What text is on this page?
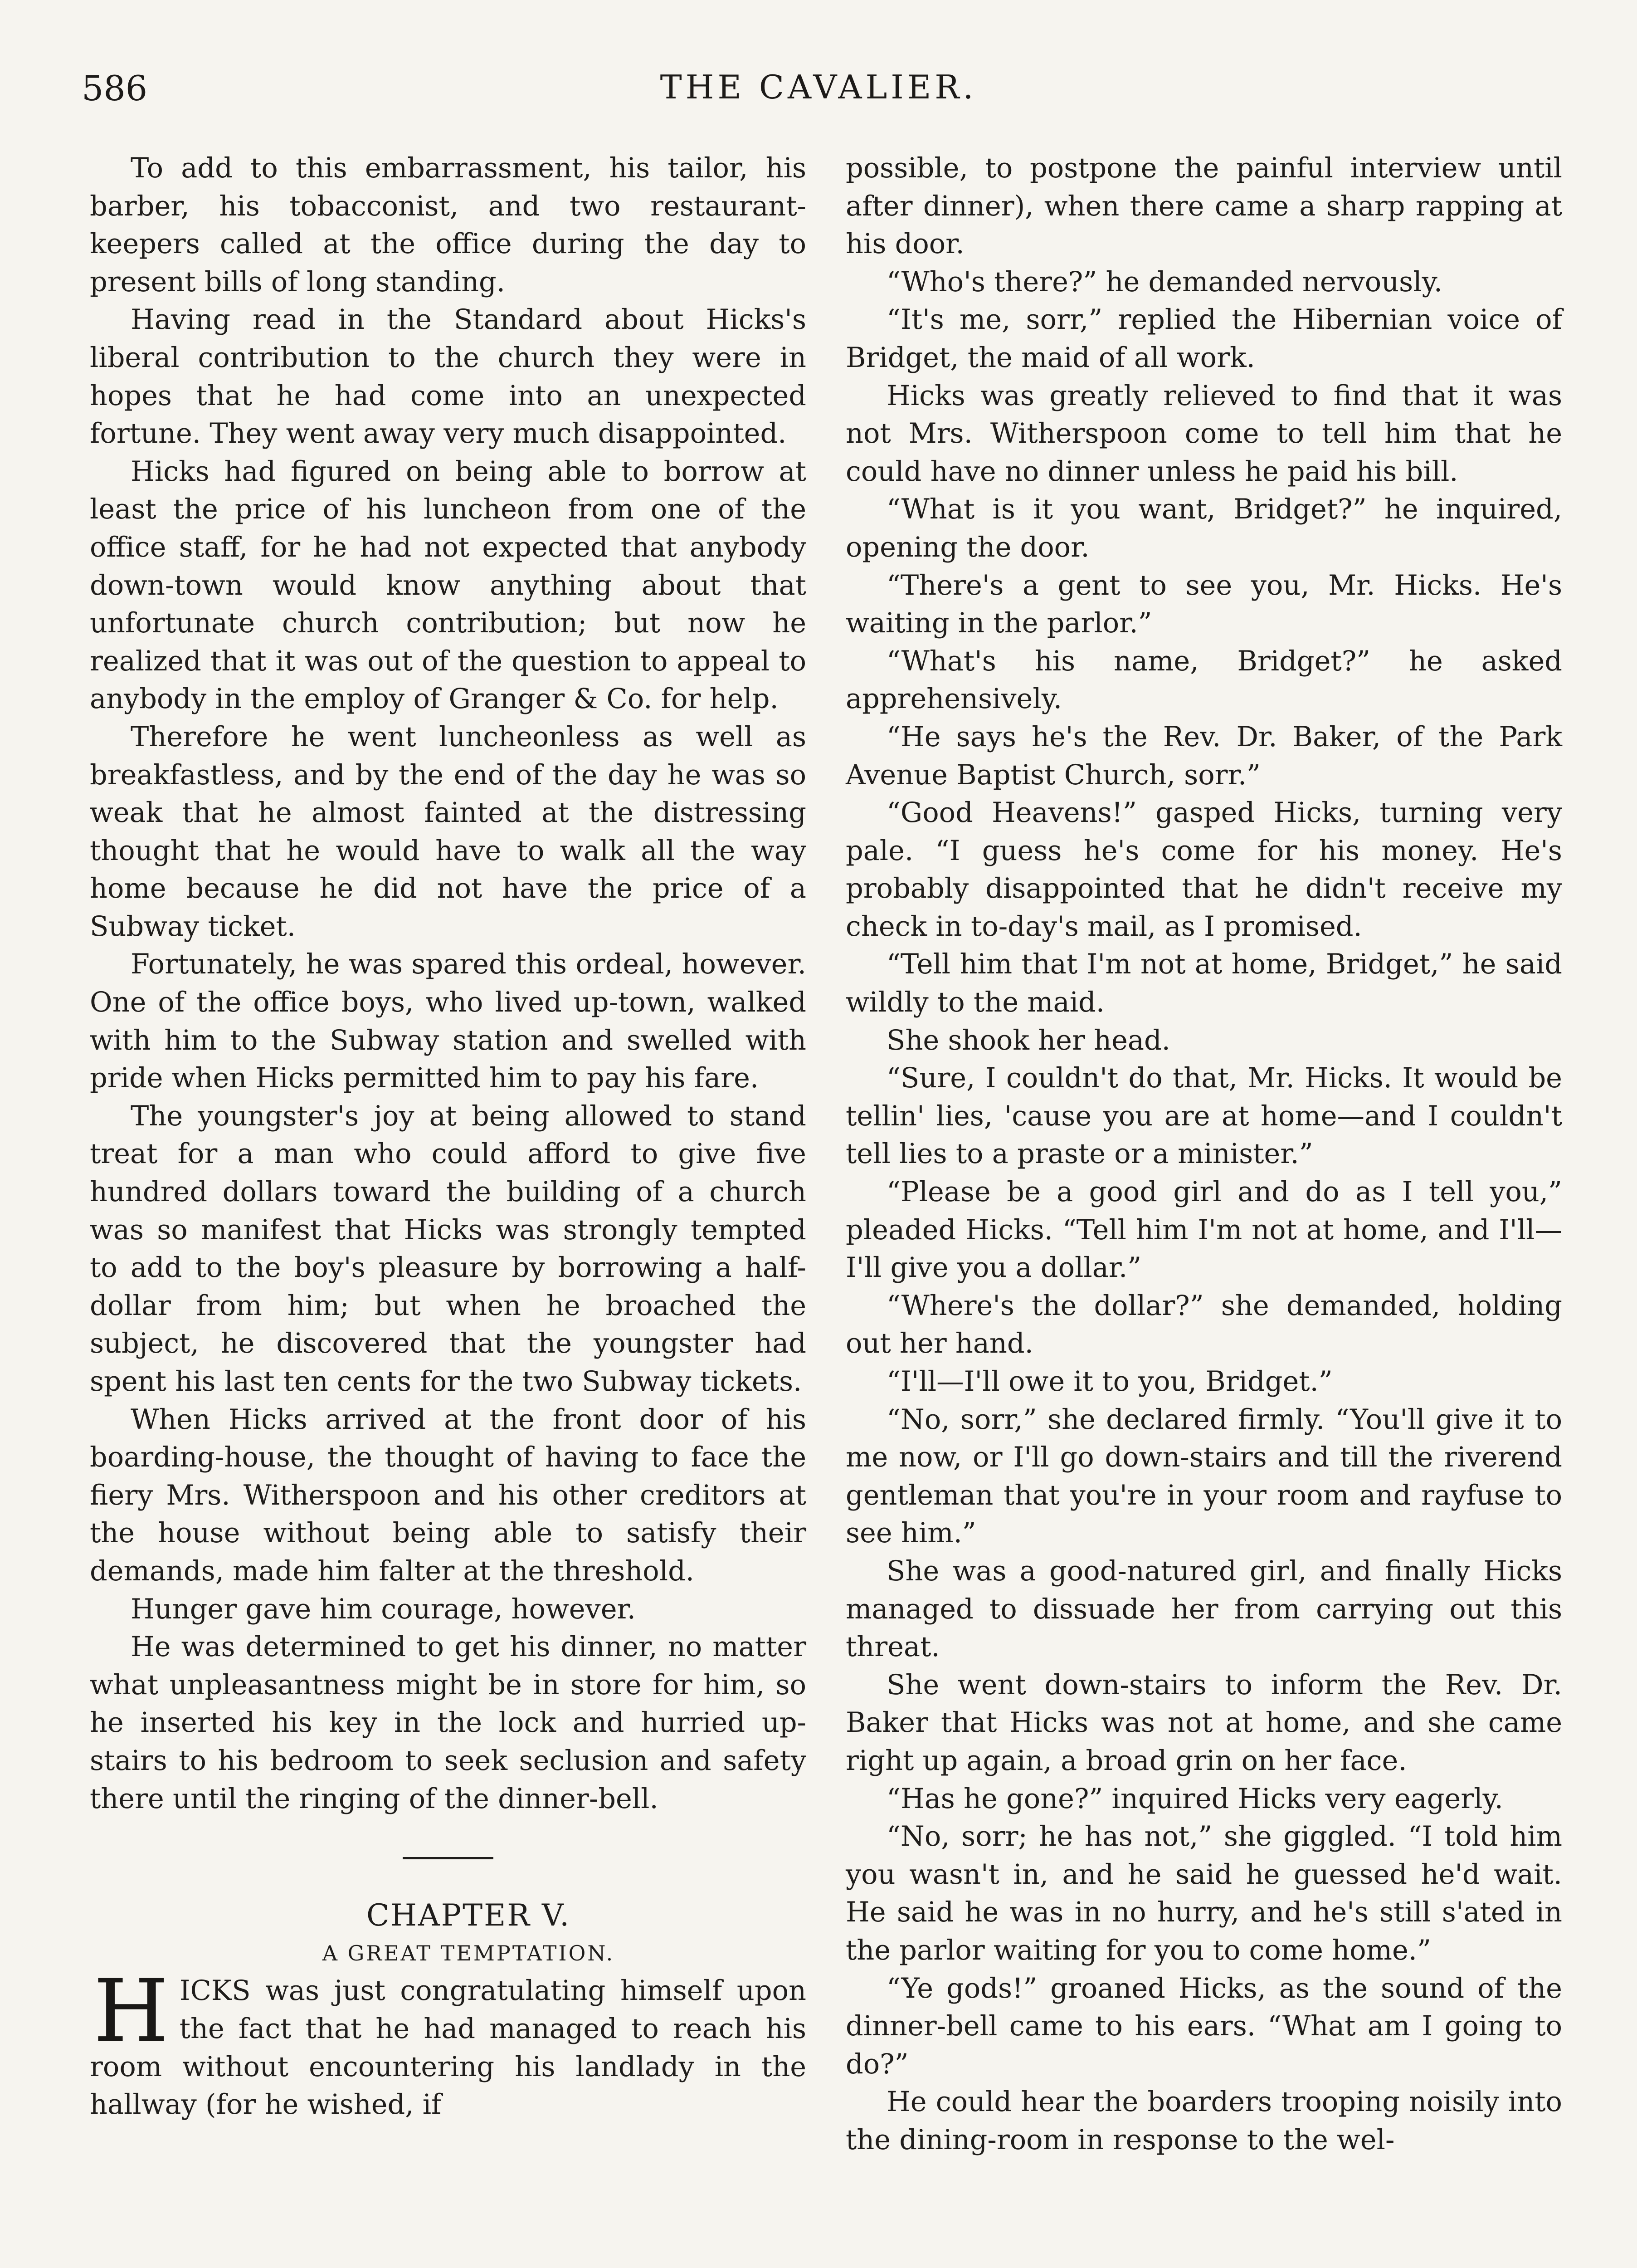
586	THE CAVALIER.

To add to this embarrassment, his tailor, his barber, his tobacconist, and two restaurant-keepers called at the office during the day to present bills of long standing.

Having read in the Standard about Hicks's liberal contribution to the church they were in hopes that he had come into an unexpected fortune. They went away very much disappointed.

Hicks had figured on being able to borrow at least the price of his luncheon from one of the office staff, for he had not expected that anybody down-town would know anything about that unfortunate church contribution; but now he realized that it was out of the question to appeal to anybody in the employ of Granger & Co. for help.

Therefore he went luncheonless as well as breakfastless, and by the end of the day he was so weak that he almost fainted at the distressing thought that he would have to walk all the way home because he did not have the price of a Subway ticket.

Fortunately, he was spared this ordeal, however. One of the office boys, who lived up-town, walked with him to the Subway station and swelled with pride when Hicks permitted him to pay his fare.

The youngster's joy at being allowed to stand treat for a man who could afford to give five hundred dollars toward the building of a church was so manifest that Hicks was strongly tempted to add to the boy's pleasure by borrowing a half-dollar from him; but when he broached the subject, he discovered that the youngster had spent his last ten cents for the two Subway tickets.

When Hicks arrived at the front door of his boarding-house, the thought of having to face the fiery Mrs. Witherspoon and his other creditors at the house without being able to satisfy their demands, made him falter at the threshold.

Hunger gave him courage, however.

He was determined to get his dinner, no matter what unpleasantness might be in store for him, so he inserted his key in the lock and hurried up-stairs to his bedroom to seek seclusion and safety there until the ringing of the dinner-bell.

CHAPTER V.

A GREAT TEMPTATION.

HICKS was just congratulating himself upon the fact that he had managed to reach his room without encountering his landlady in the hallway (for he wished, if

possible, to postpone the painful interview until after dinner), when there came a sharp rapping at his door.

“Who's there?” he demanded nervously.

“It's me, sorr,” replied the Hibernian voice of Bridget, the maid of all work.

Hicks was greatly relieved to find that it was not Mrs. Witherspoon come to tell him that he could have no dinner unless he paid his bill.

“What is it you want, Bridget?” he inquired, opening the door.

“There's a gent to see you, Mr. Hicks. He's waiting in the parlor.”

“What's his name, Bridget?” he asked apprehensively.

“He says he's the Rev. Dr. Baker, of the Park Avenue Baptist Church, sorr.”

“Good Heavens!” gasped Hicks, turning very pale. “I guess he's come for his money. He's probably disappointed that he didn't receive my check in to-day's mail, as I promised.

“Tell him that I'm not at home, Bridget,” he said wildly to the maid.

She shook her head.

“Sure, I couldn't do that, Mr. Hicks. It would be tellin' lies, 'cause you are at home—and I couldn't tell lies to a praste or a minister.”

“Please be a good girl and do as I tell you,” pleaded Hicks. “Tell him I'm not at home, and I'll—I'll give you a dollar.”

“Where's the dollar?” she demanded, holding out her hand.

“I'll—I'll owe it to you, Bridget.”

“No, sorr,” she declared firmly. “You'll give it to me now, or I'll go down-stairs and till the riverend gentleman that you're in your room and rayfuse to see him.”

She was a good-natured girl, and finally Hicks managed to dissuade her from carrying out this threat.

She went down-stairs to inform the Rev. Dr. Baker that Hicks was not at home, and she came right up again, a broad grin on her face.

“Has he gone?” inquired Hicks very eagerly.

“No, sorr; he has not,” she giggled. “I told him you wasn't in, and he said he guessed he'd wait. He said he was in no hurry, and he's still s'ated in the parlor waiting for you to come home.”

“Ye gods!” groaned Hicks, as the sound of the dinner-bell came to his ears. “What am I going to do?”

He could hear the boarders trooping noisily into the dining-room in response to the wel-
